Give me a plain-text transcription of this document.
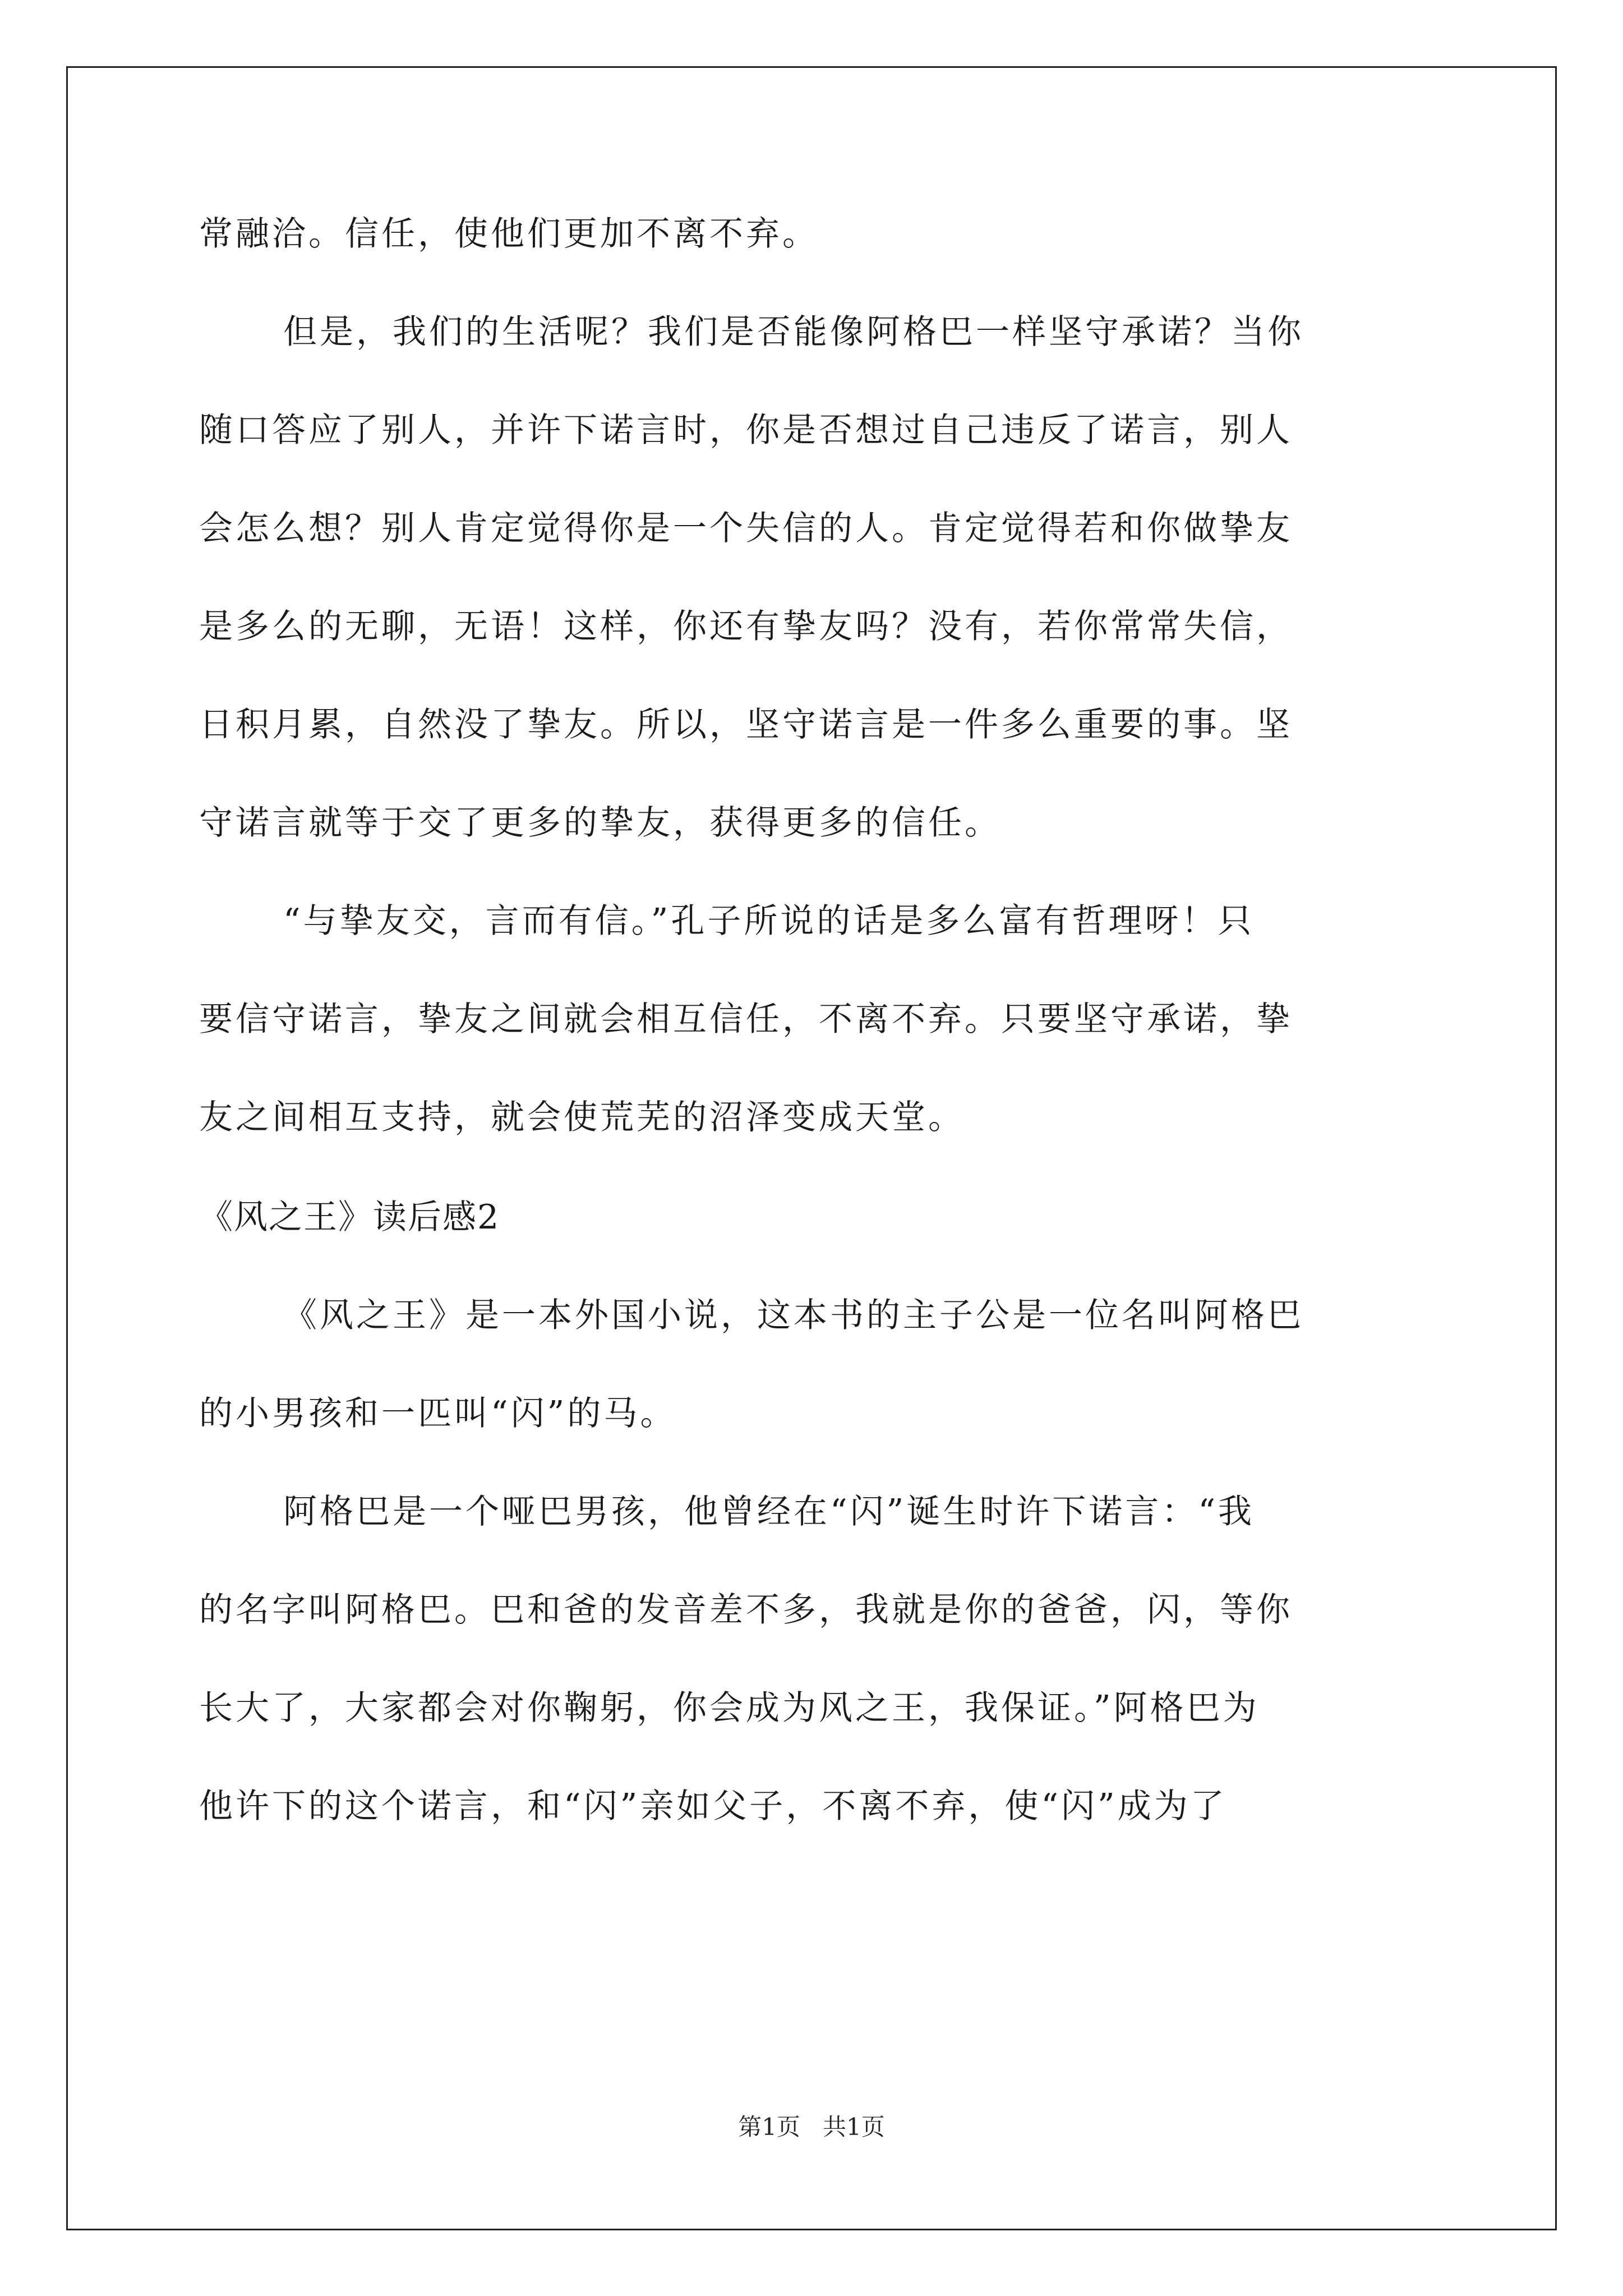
常融洽。信任，使他们更加不离不弃。
但是，我们的生活呢？我们是否能像阿格巴一样坚守承诺？当你
随口答应了别人，并许下诺言时，你是否想过自己违反了诺言，别人
会怎么想？别人肯定觉得你是一个失信的人。肯定觉得若和你做挚友
是多么的无聊，无语！这样，你还有挚友吗？没有，若你常常失信，
日积月累，自然没了挚友。所以，坚守诺言是一件多么重要的事。坚
守诺言就等于交了更多的挚友，获得更多的信任。
“与挚友交，言而有信。”孔子所说的话是多么富有哲理呀！只
要信守诺言，挚友之间就会相互信任，不离不弃。只要坚守承诺，挚
友之间相互支持，就会使荒芜的沼泽变成天堂。
《风之王》读后感2
《风之王》是一本外国小说，这本书的主子公是一位名叫阿格巴
的小男孩和一匹叫“闪”的马。
阿格巴是一个哑巴男孩，他曾经在“闪”诞生时许下诺言：“我
的名字叫阿格巴。巴和爸的发音差不多，我就是你的爸爸，闪，等你
长大了，大家都会对你鞠躬，你会成为风之王，我保证。”阿格巴为
他许下的这个诺言，和“闪”亲如父子，不离不弃，使“闪”成为了
第1页   共1页
